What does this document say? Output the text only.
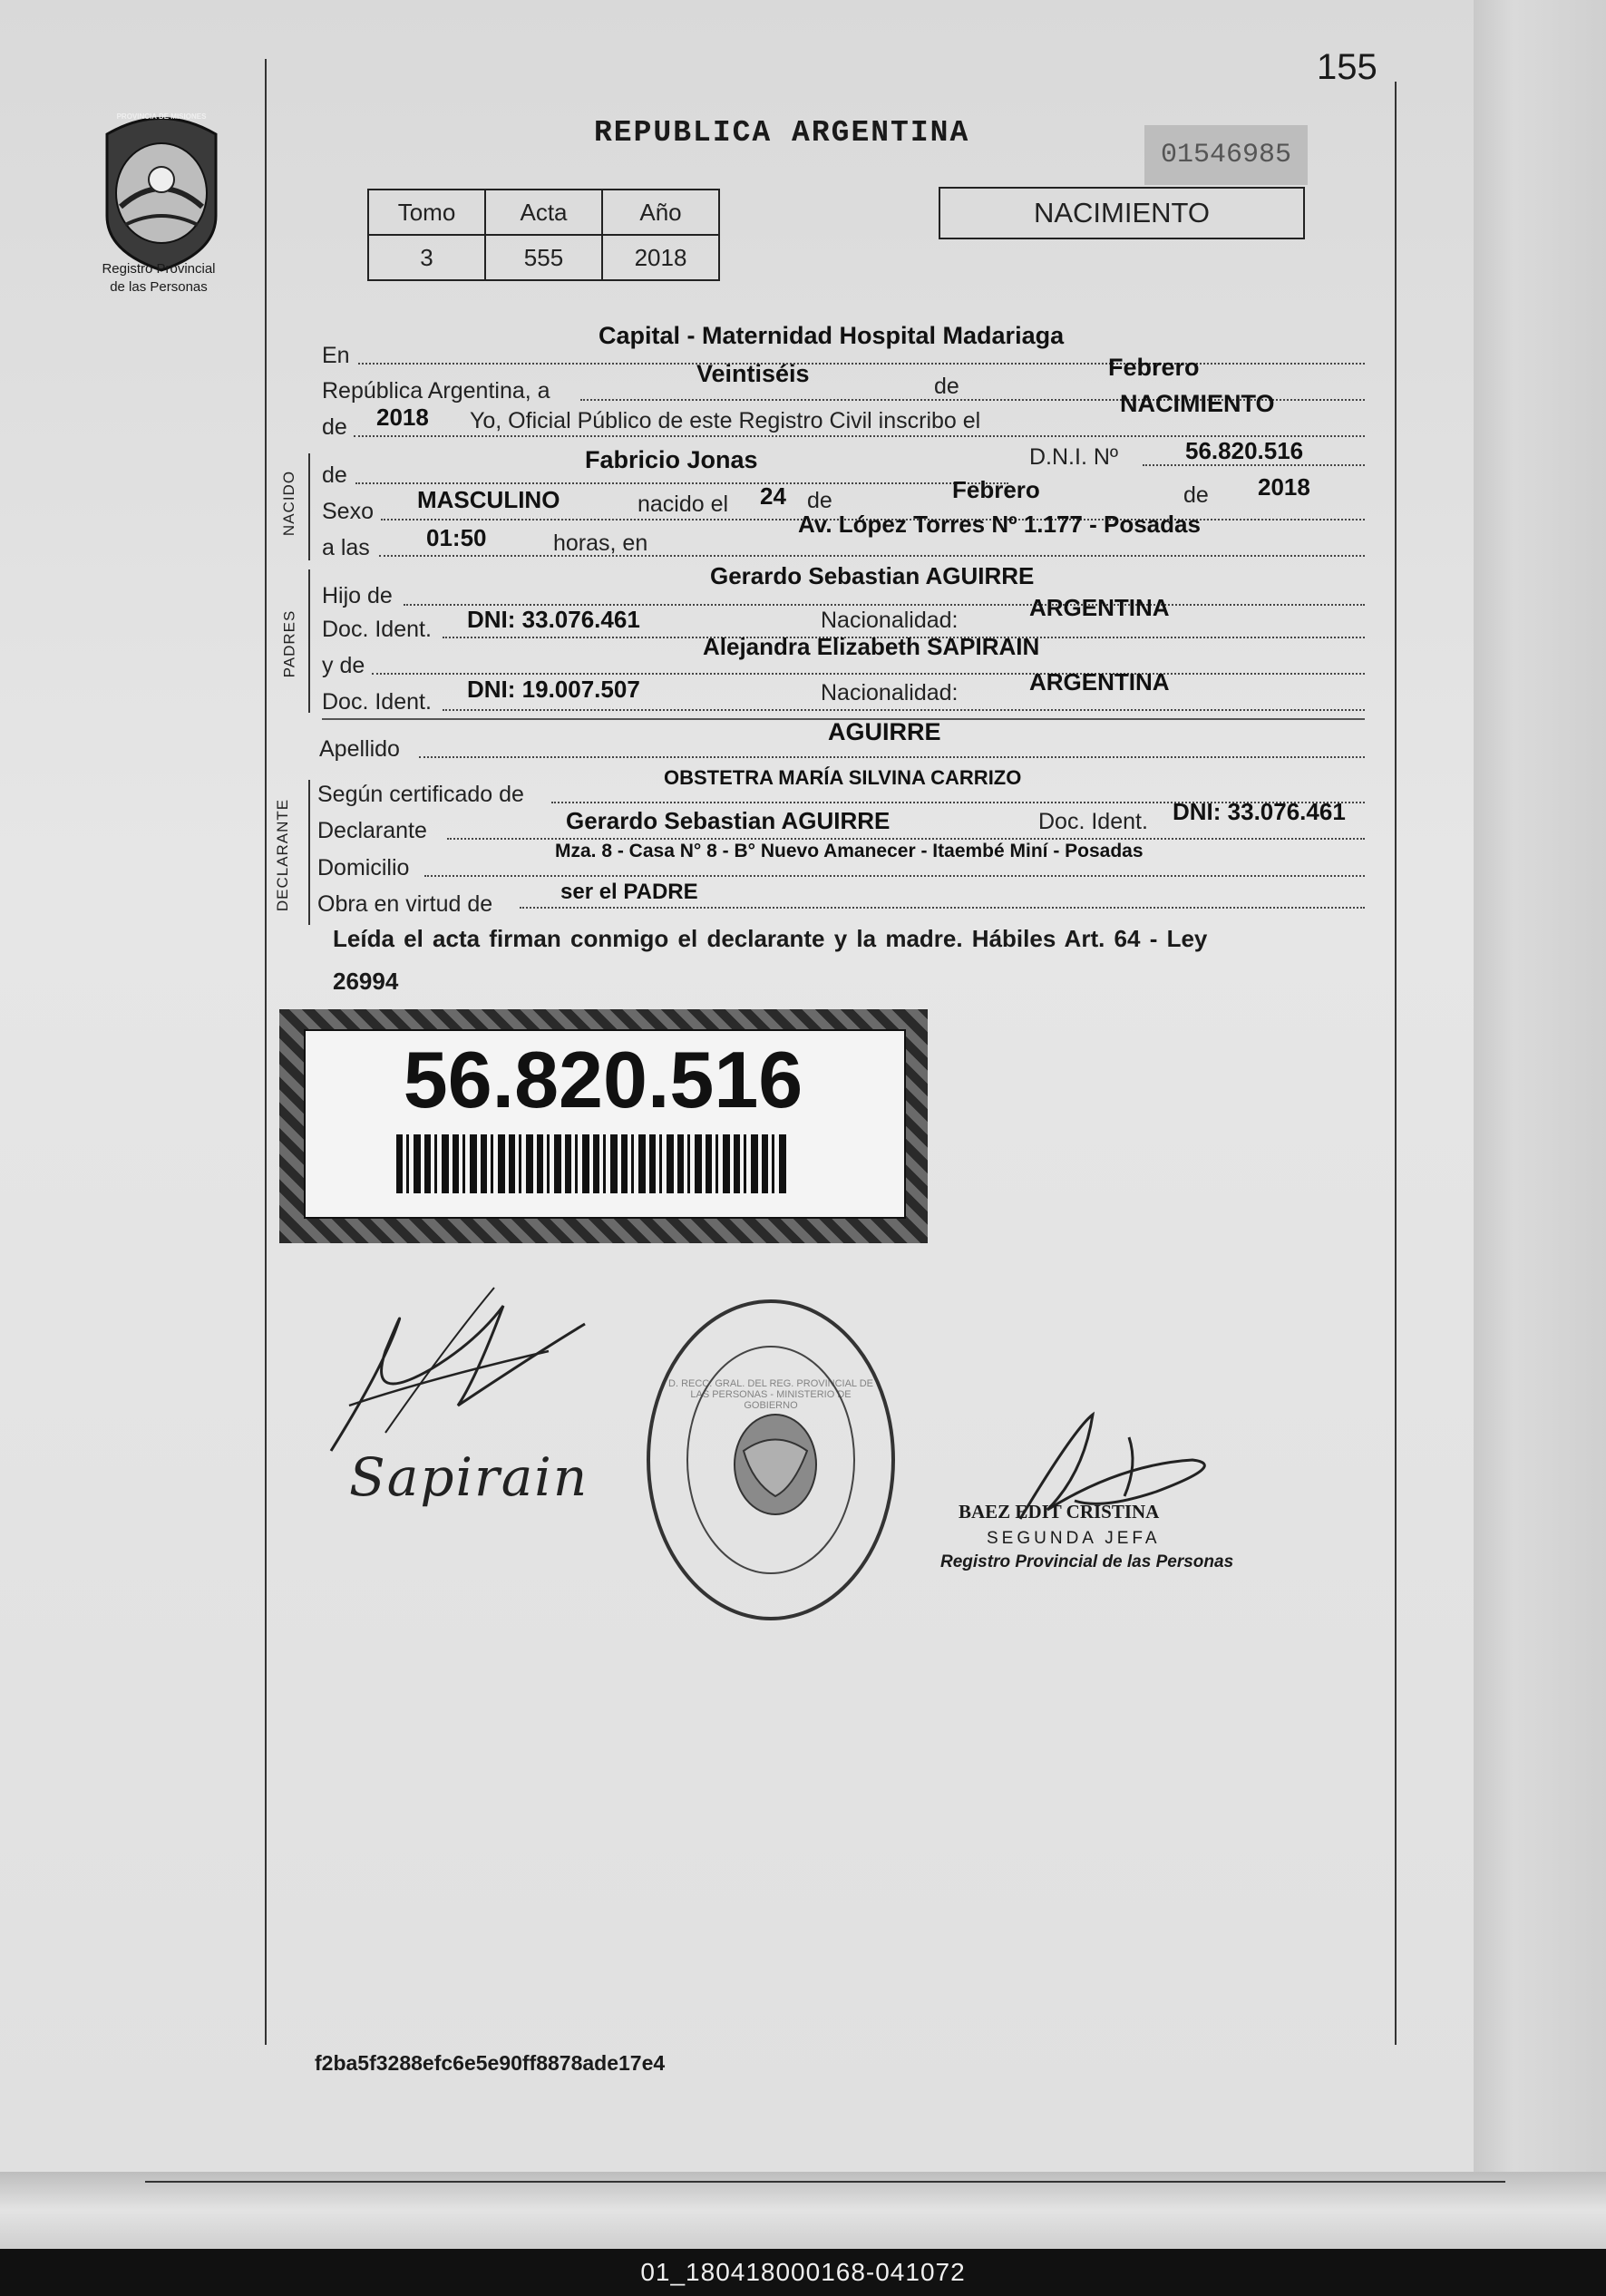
155
PROVINCIA DE MISIONES
Registro Provincial
de las Personas
REPUBLICA ARGENTINA
01546985
Tomo	Acta	Año
3	555	2018
NACIMIENTO
En
Capital - Maternidad Hospital Madariaga
República Argentina, a
Veintiséis	de
Febrero
de 2018 Yo, Oficial Público de este Registro Civil inscribo el
NACIMIENTO
NACIDO de
Fabricio Jonas	D.N.I. Nº	56.820.516
Sexo MASCULINO	nacido el 24 de	Febrero	de 2018
a las 01:50	horas, en
Av. López Torres Nº 1.177 - Posadas
PADRES
Hijo de
Gerardo Sebastian AGUIRRE
Doc. Ident. DNI: 33.076.461	Nacionalidad:	ARGENTINA
y de
Alejandra Elizabeth SAPIRAIN
Doc. Ident. DNI: 19.007.507	Nacionalidad:	ARGENTINA
Apellido
AGUIRRE
DECLARANTE
Según certificado de
OBSTETRA MARÍA SILVINA CARRIZO
Declarante	Gerardo Sebastian AGUIRRE	Doc. Ident. DNI: 33.076.461
Domicilio
Mza. 8 - Casa N° 8 - B° Nuevo Amanecer - Itaembé Miní - Posadas
Obra en virtud de	ser el PADRE
Leída el acta firman conmigo el declarante y la madre. Hábiles Art. 64 - Ley
26994
56.820.516
Sapirain
D. RECC. GRAL. DEL REG. PROVINCIAL DE LAS PERSONAS - MINISTERIO DE GOBIERNO
BAEZ EDIT CRISTINA
SEGUNDA JEFA
Registro Provincial de las Personas
f2ba5f3288efc6e5e90ff8878ade17e4
01_180418000168-041072
